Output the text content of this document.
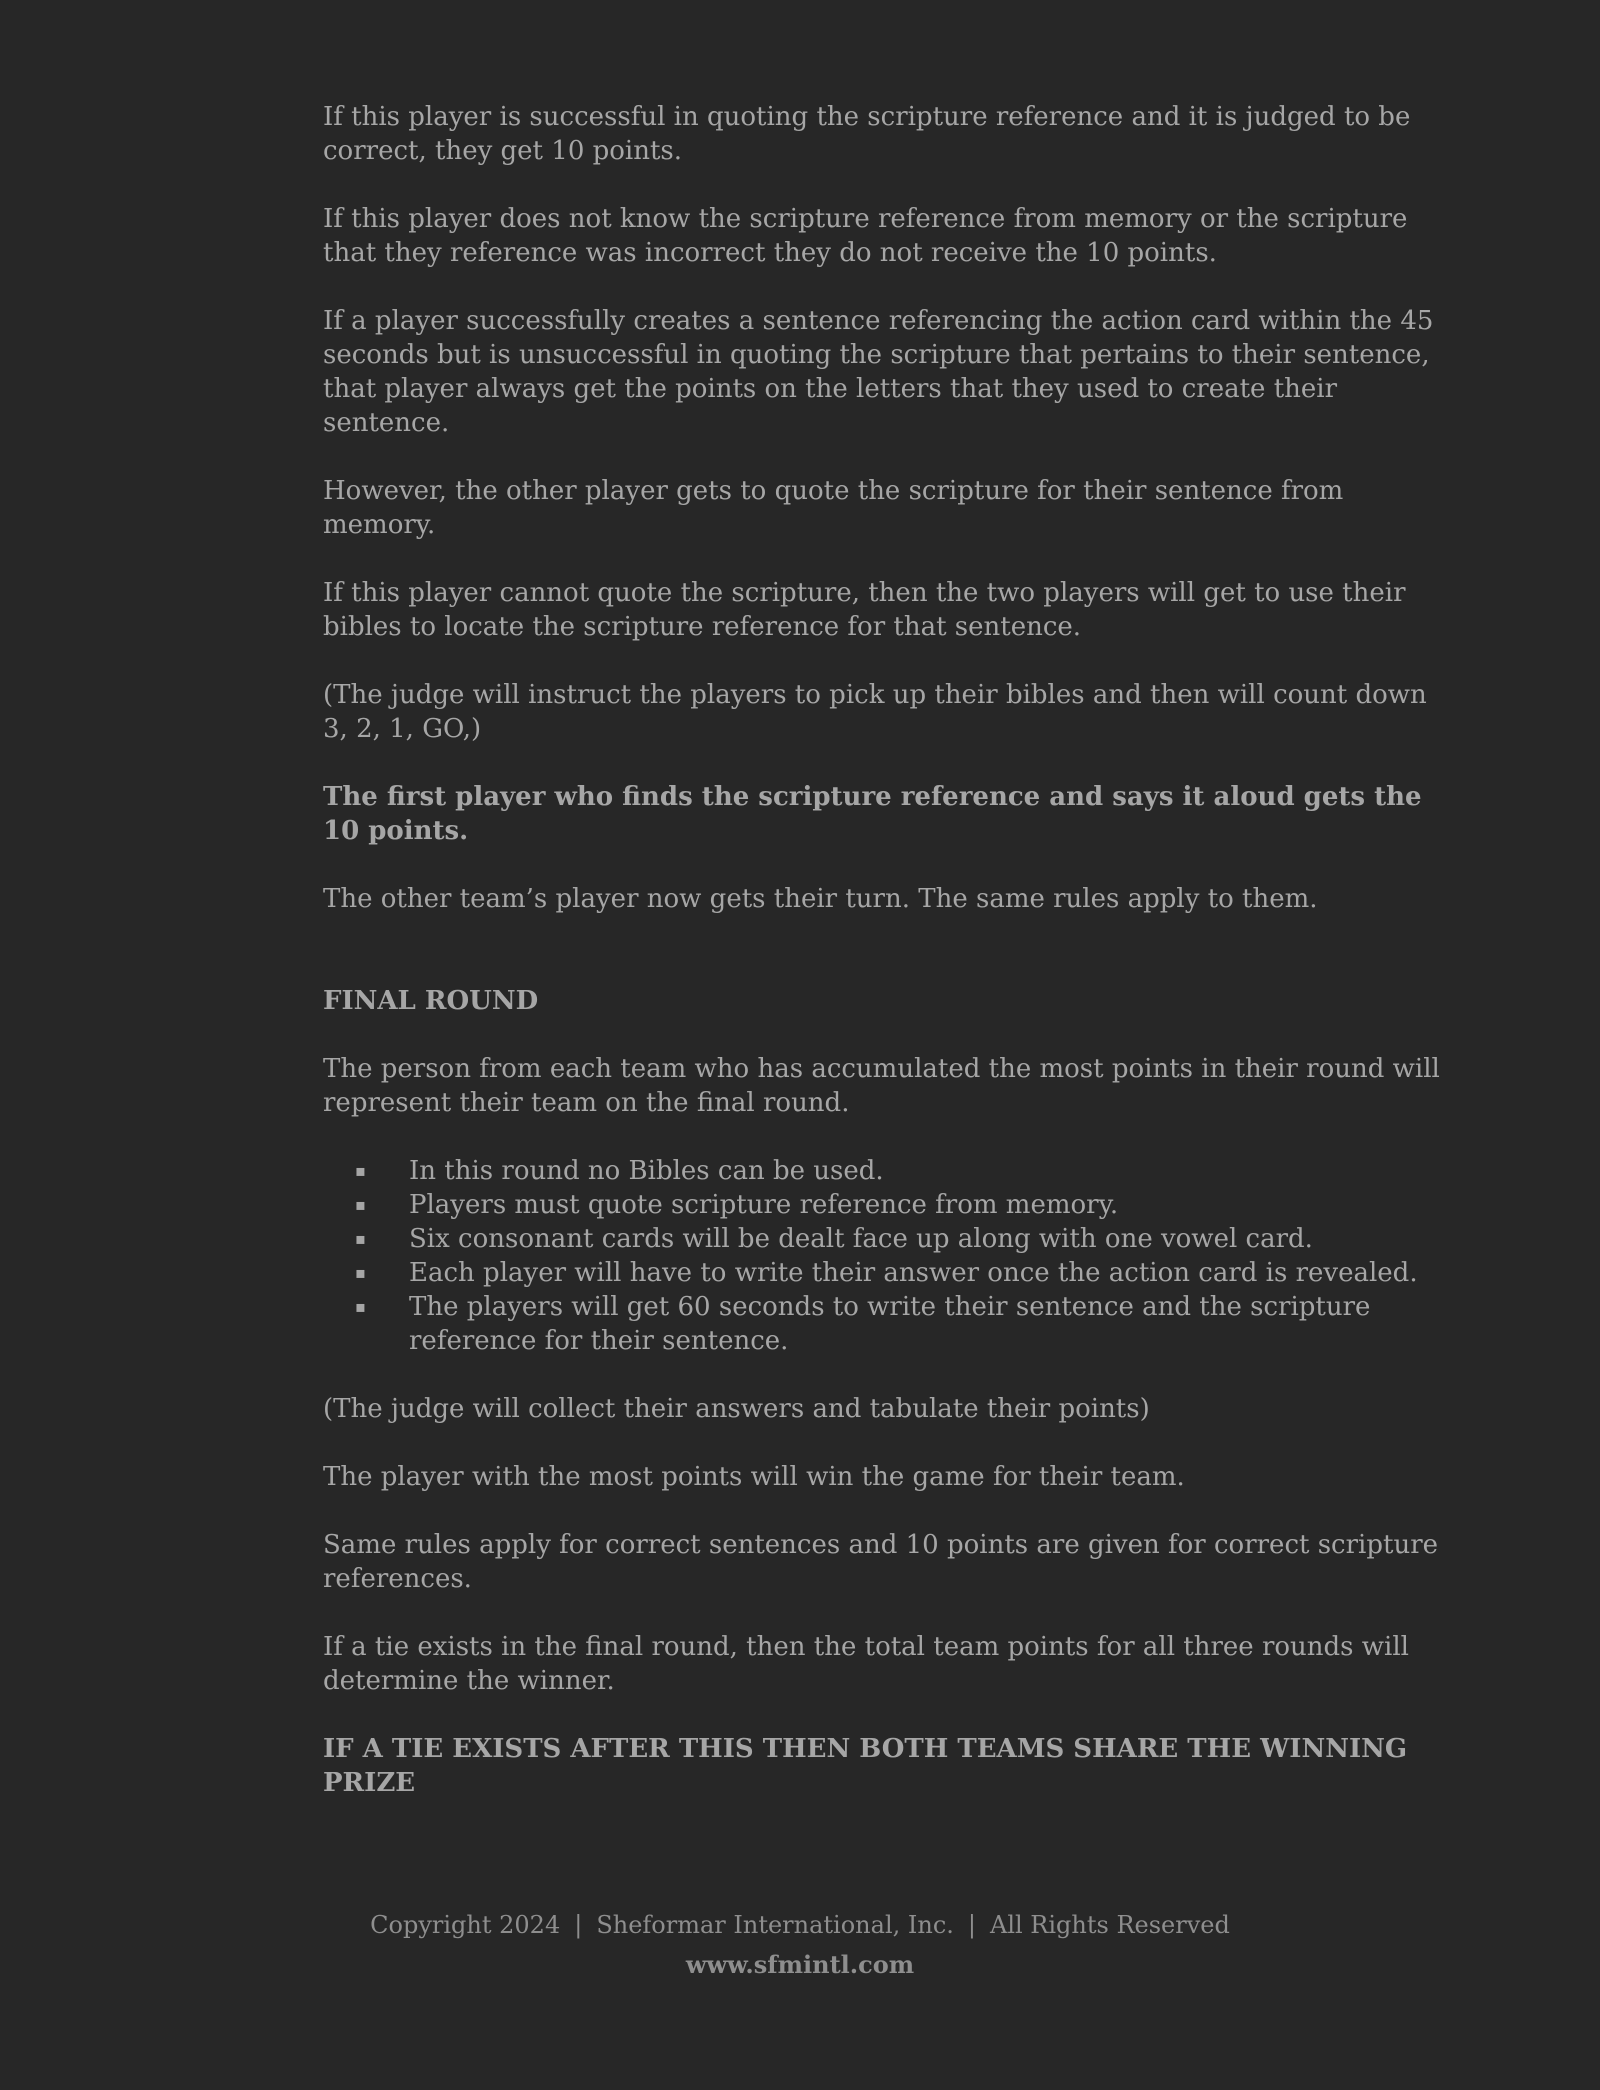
If this player is successful in quoting the scripture reference and it is judged to be correct, they get 10 points.

If this player does not know the scripture reference from memory or the scripture that they reference was incorrect they do not receive the 10 points.

If a player successfully creates a sentence referencing the action card within the 45 seconds but is unsuccessful in quoting the scripture that pertains to their sentence, that player always get the points on the letters that they used to create their sentence.

However, the other player gets to quote the scripture for their sentence from memory.

If this player cannot quote the scripture, then the two players will get to use their bibles to locate the scripture reference for that sentence.

(The judge will instruct the players to pick up their bibles and then will count down 3, 2, 1, GO,)

The first player who finds the scripture reference and says it aloud gets the 10 points.

The other team’s player now gets their turn. The same rules apply to them.

FINAL ROUND

The person from each team who has accumulated the most points in their round will represent their team on the final round.

▪ In this round no Bibles can be used.
▪ Players must quote scripture reference from memory.
▪ Six consonant cards will be dealt face up along with one vowel card.
▪ Each player will have to write their answer once the action card is revealed.
▪ The players will get 60 seconds to write their sentence and the scripture reference for their sentence.

(The judge will collect their answers and tabulate their points)

The player with the most points will win the game for their team.

Same rules apply for correct sentences and 10 points are given for correct scripture references.

If a tie exists in the final round, then the total team points for all three rounds will determine the winner.

IF A TIE EXISTS AFTER THIS THEN BOTH TEAMS SHARE THE WINNING PRIZE

Copyright 2024 | Sheformar International, Inc. | All Rights Reserved
www.sfmintl.com
